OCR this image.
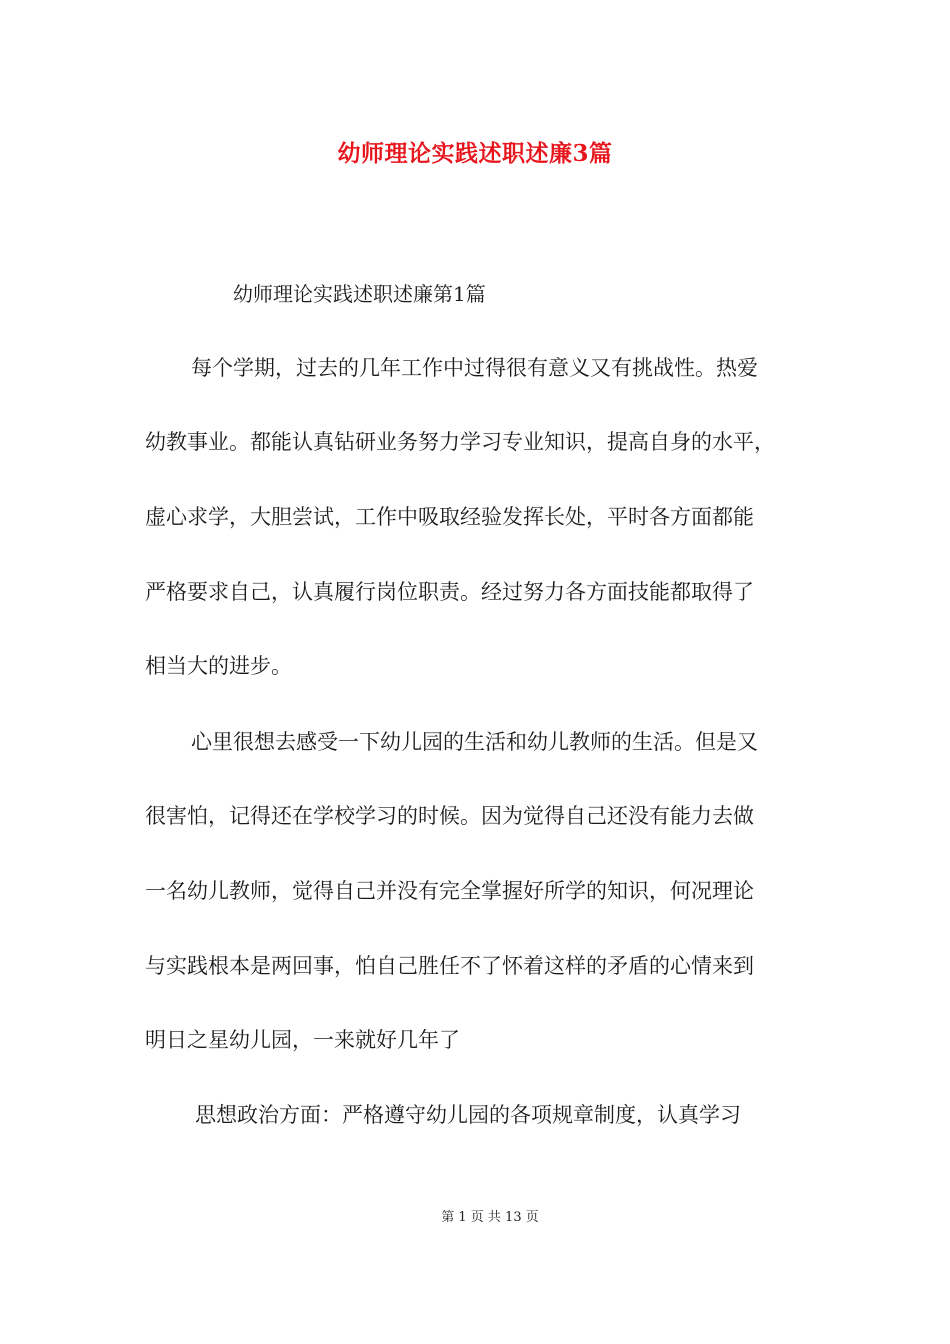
幼师理论实践述职述廉3篇

幼师理论实践述职述廉第1篇

每个学期，过去的几年工作中过得很有意义又有挑战性。热爱

幼教事业。都能认真钻研业务努力学习专业知识，提高自身的水平，

虚心求学，大胆尝试，工作中吸取经验发挥长处，平时各方面都能

严格要求自己，认真履行岗位职责。经过努力各方面技能都取得了

相当大的进步。

心里很想去感受一下幼儿园的生活和幼儿教师的生活。但是又

很害怕，记得还在学校学习的时候。因为觉得自己还没有能力去做

一名幼儿教师，觉得自己并没有完全掌握好所学的知识，何况理论

与实践根本是两回事，怕自己胜任不了怀着这样的矛盾的心情来到

明日之星幼儿园，一来就好几年了

思想政治方面：严格遵守幼儿园的各项规章制度，认真学习

第 1 页 共 13 页
